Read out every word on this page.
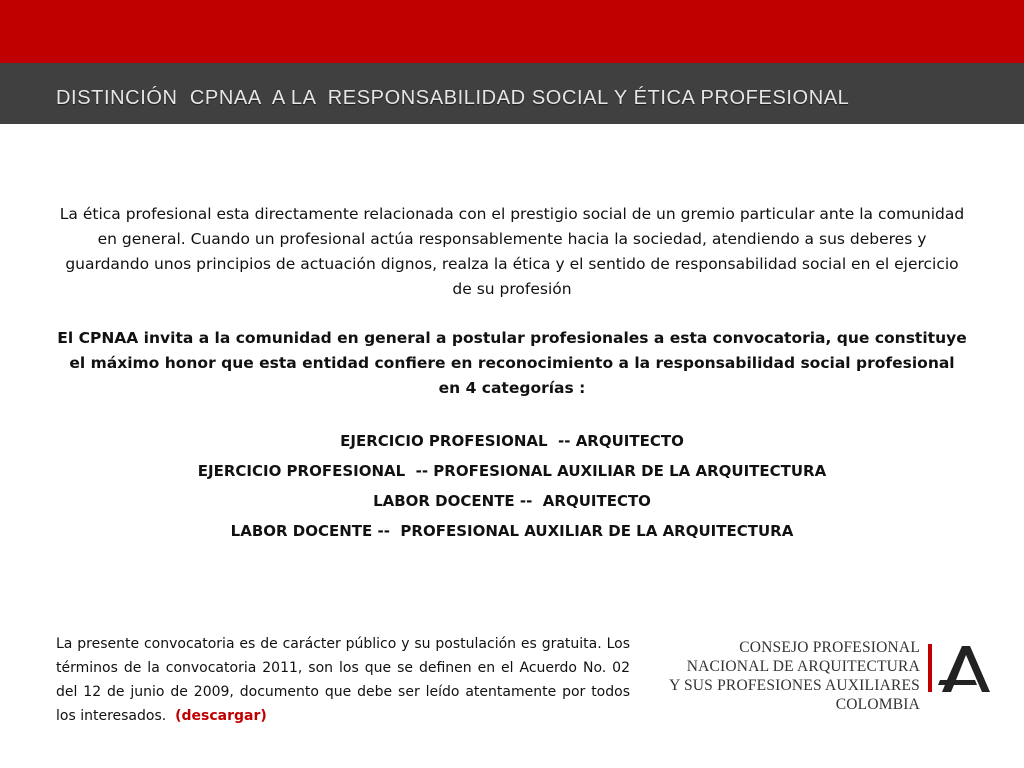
DISTINCIÓN  CPNAA  A LA  RESPONSABILIDAD SOCIAL Y ÉTICA PROFESIONAL

La ética profesional esta directamente relacionada con el prestigio social de un gremio particular ante la comunidad en general. Cuando un profesional actúa responsablemente hacia la sociedad, atendiendo a sus deberes y guardando unos principios de actuación dignos, realza la ética y el sentido de responsabilidad social en el ejercicio de su profesión

El CPNAA invita a la comunidad en general a postular profesionales a esta convocatoria, que constituye el máximo honor que esta entidad confiere en reconocimiento a la responsabilidad social profesional en 4 categorías :

EJERCICIO PROFESIONAL  -- ARQUITECTO
EJERCICIO PROFESIONAL  -- PROFESIONAL AUXILIAR DE LA ARQUITECTURA
LABOR DOCENTE --  ARQUITECTO
LABOR DOCENTE --  PROFESIONAL AUXILIAR DE LA ARQUITECTURA

La presente convocatoria es de carácter público y su postulación es gratuita. Los términos de la convocatoria 2011, son los que se definen en el Acuerdo No. 02 del 12 de junio de 2009, documento que debe ser leído atentamente por todos los interesados. (descargar)

CONSEJO PROFESIONAL
NACIONAL DE ARQUITECTURA
Y SUS PROFESIONES AUXILIARES
COLOMBIA
